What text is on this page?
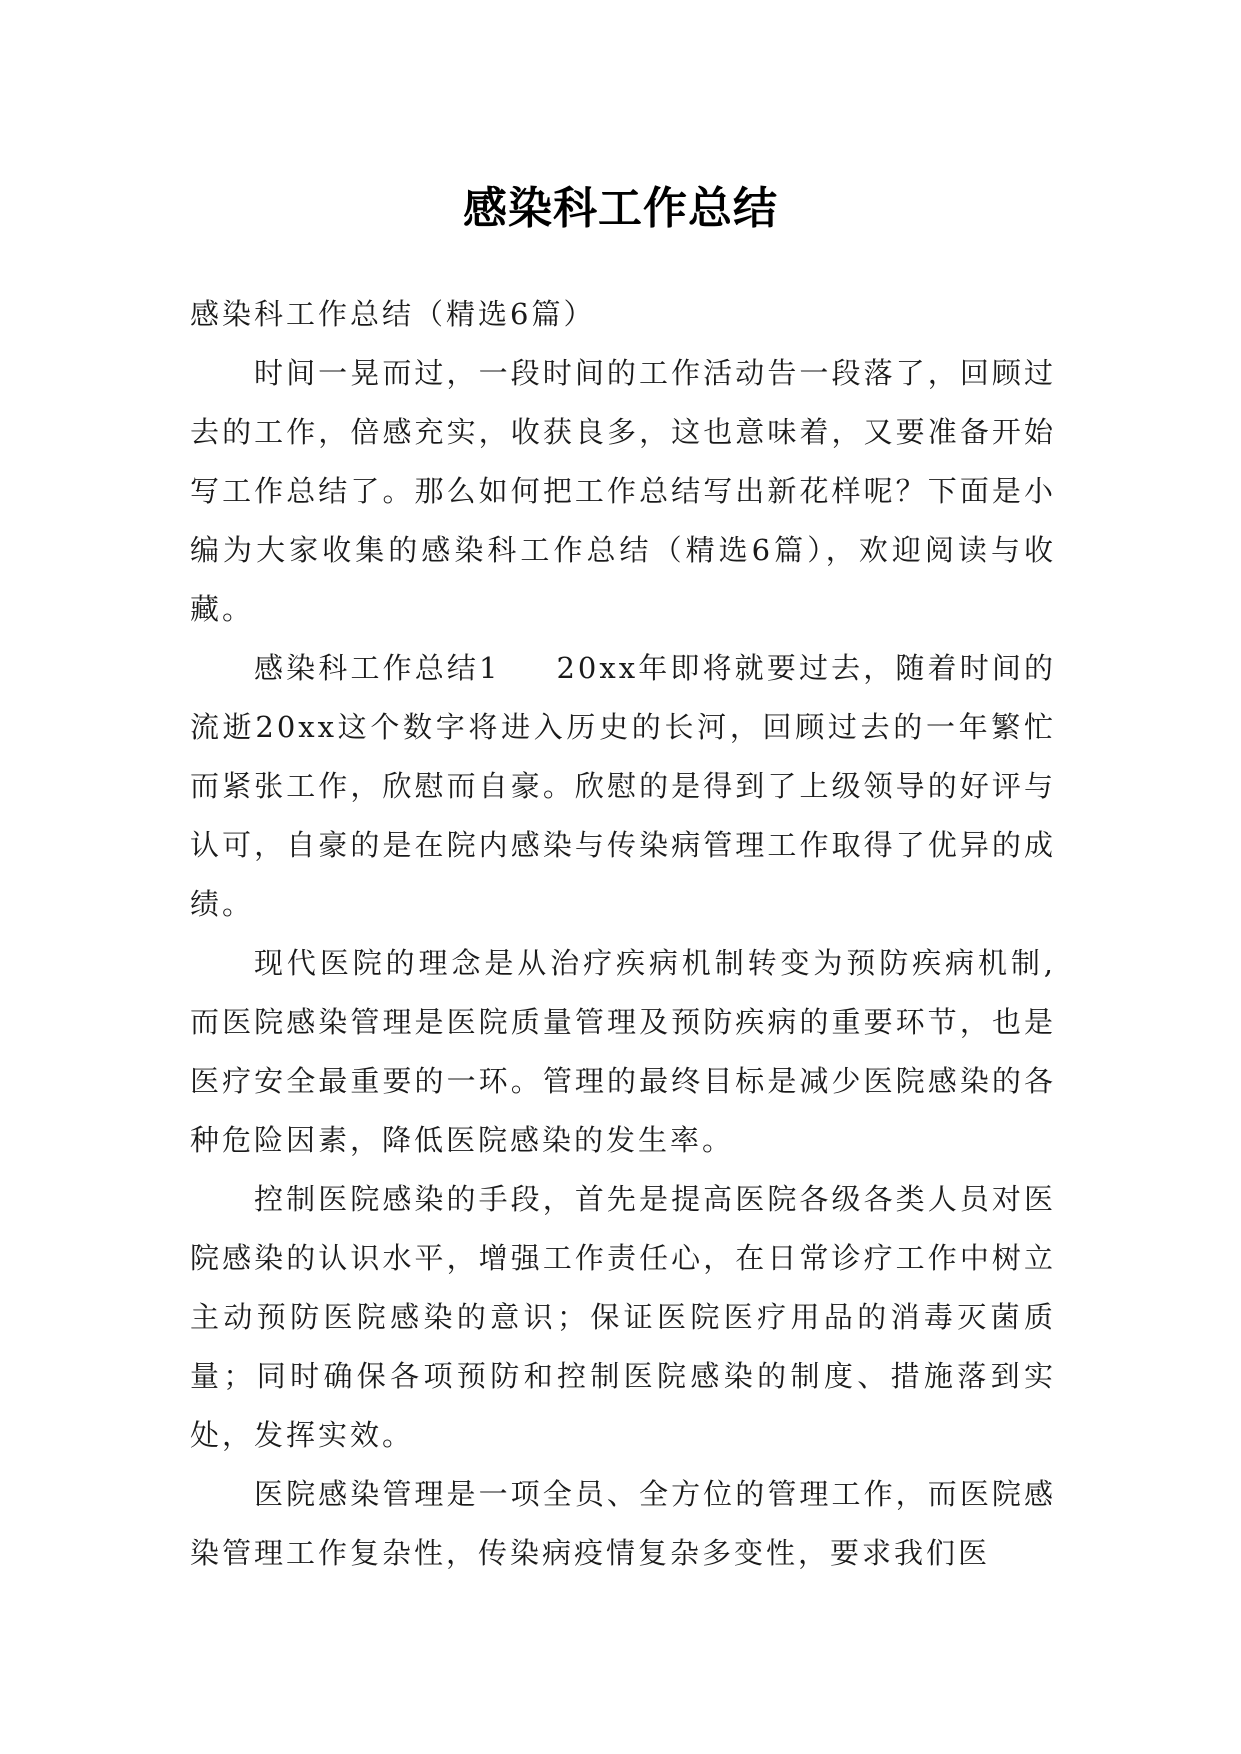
感染科工作总结

感染科工作总结（精选6篇）

时间一晃而过，一段时间的工作活动告一段落了，回顾过去的工作，倍感充实，收获良多，这也意味着，又要准备开始写工作总结了。那么如何把工作总结写出新花样呢？下面是小编为大家收集的感染科工作总结（精选6篇），欢迎阅读与收藏。

感染科工作总结1 20xx年即将就要过去，随着时间的流逝20xx这个数字将进入历史的长河，回顾过去的一年繁忙而紧张工作，欣慰而自豪。欣慰的是得到了上级领导的好评与认可，自豪的是在院内感染与传染病管理工作取得了优异的成绩。

现代医院的理念是从治疗疾病机制转变为预防疾病机制,而医院感染管理是医院质量管理及预防疾病的重要环节，也是医疗安全最重要的一环。管理的最终目标是减少医院感染的各种危险因素，降低医院感染的发生率。

控制医院感染的手段，首先是提高医院各级各类人员对医院感染的认识水平，增强工作责任心，在日常诊疗工作中树立主动预防医院感染的意识；保证医院医疗用品的消毒灭菌质量；同时确保各项预防和控制医院感染的制度、措施落到实处，发挥实效。

医院感染管理是一项全员、全方位的管理工作，而医院感染管理工作复杂性，传染病疫情复杂多变性，要求我们医
